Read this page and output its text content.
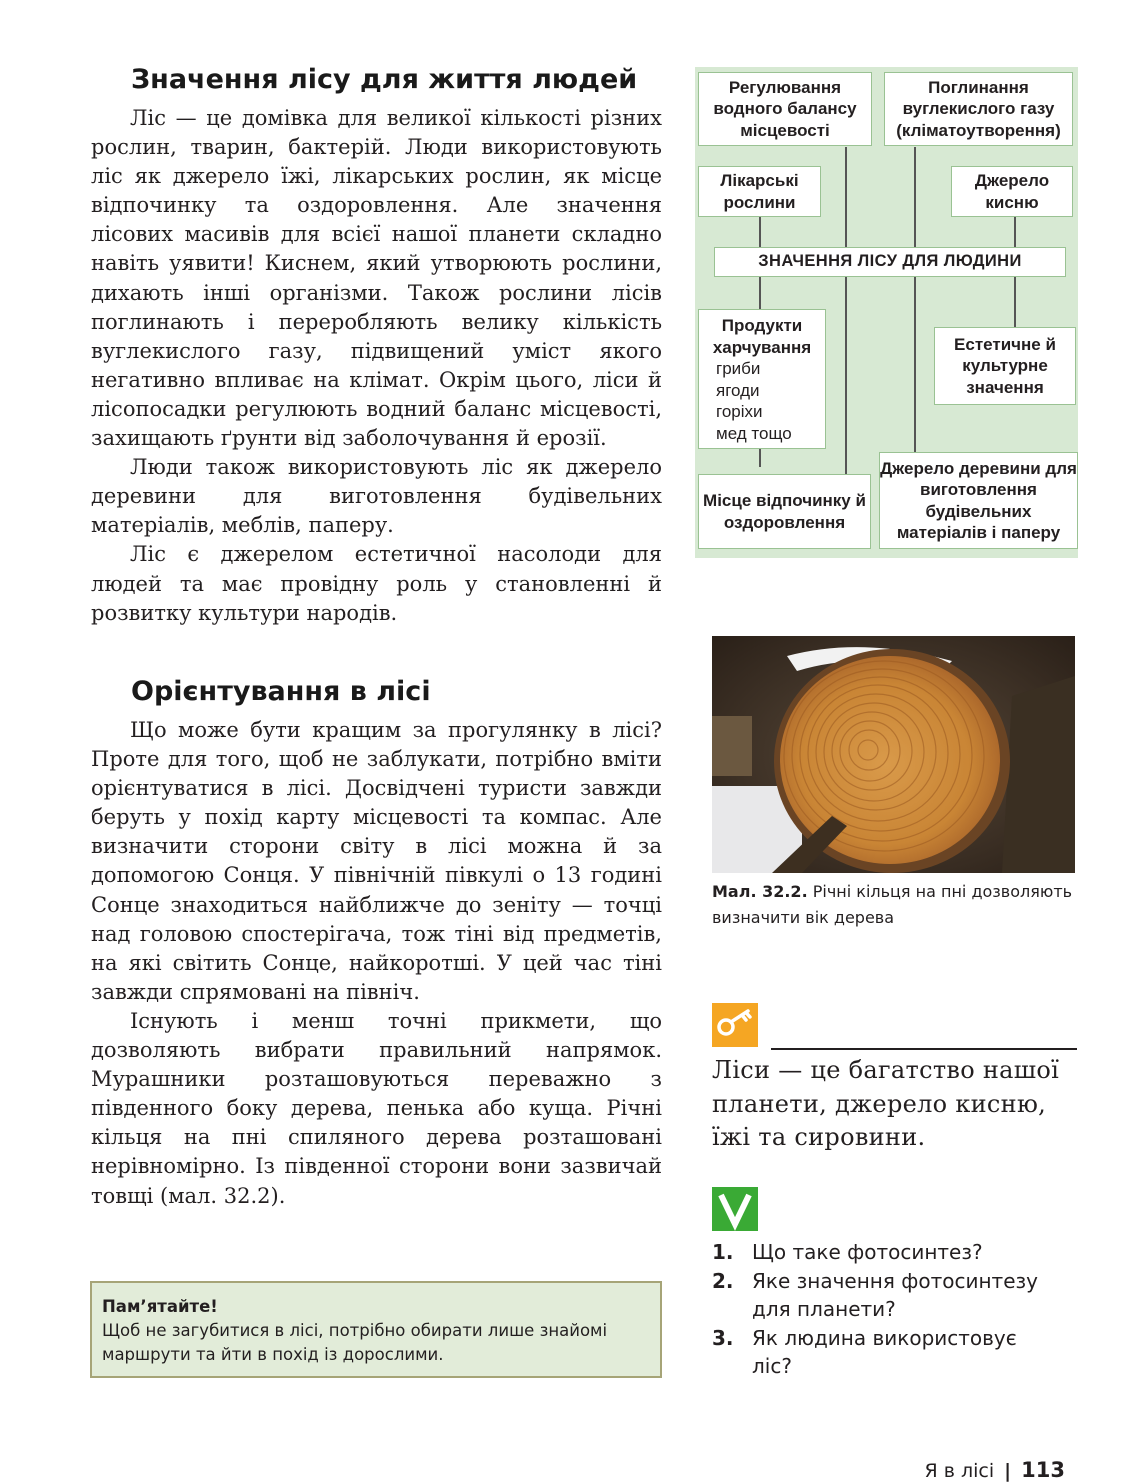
Значення лісу для життя людей

Ліс — це домівка для великої кількості різних рослин, тварин, бактерій. Люди використовують ліс як джерело їжі, лікарських рослин, як місце відпочинку та оздоровлення. Але значення лісових масивів для всієї нашої планети складно навіть уявити! Киснем, який утворюють рослини, дихають інші організми. Також рослини лісів поглинають і переробляють велику кількість вуглекислого газу, підвищений уміст якого негативно впливає на клімат. Окрім цього, ліси й лісопосадки регулюють водний баланс місцевості, захищають ґрунти від заболочування й ерозії.

Люди також використовують ліс як джерело деревини для виготовлення будівельних матеріалів, меблів, паперу.

Ліс є джерелом естетичної насолоди для людей та має провідну роль у становленні й розвитку культури народів.

Орієнтування в лісі

Що може бути кращим за прогулянку в лісі? Проте для того, щоб не заблукати, потрібно вміти орієнтуватися в лісі. Досвідчені туристи завжди беруть у похід карту місцевості та компас. Але визначити сторони світу в лісі можна й за допомогою Сонця. У північній півкулі о 13 годині Сонце знаходиться найближче до зеніту — точці над головою спостерігача, тож тіні від предметів, на які світить Сонце, найкоротші. У цей час тіні завжди спрямовані на північ.

Існують і менш точні прикмети, що дозволяють вибрати правильний напрямок. Мурашники розташовуються переважно з південного боку дерева, пенька або куща. Річні кільця на пні спиляного дерева розташовані нерівномірно. Із південної сторони вони зазвичай товщі (мал. 32.2).

Пам’ятайте!
Щоб не загубитися в лісі, потрібно обирати лише знайомі маршрути та йти в похід із дорослими.
Регулювання водного балансу місцевості
Поглинання вуглекислого газу (кліматоутворення)
Лікарські рослини
Джерело кисню
ЗНАЧЕННЯ ЛІСУ ДЛЯ ЛЮДИНИ
Продукти харчування
гриби
ягоди
горіхи
мед тощо
Естетичне й культурне значення
Місце відпочинку й оздоровлення
Джерело деревини для виготовлення будівельних матеріалів і паперу
Мал. 32.2. Річні кільця на пні дозволяють визначити вік дерева
Ліси — це багатство нашої планети, джерело кисню, їжі та сировини.
1. Що таке фотосинтез?
2. Яке значення фотосинтезу для планети?
3. Як людина використовує ліс?
Я в лісі | 113
